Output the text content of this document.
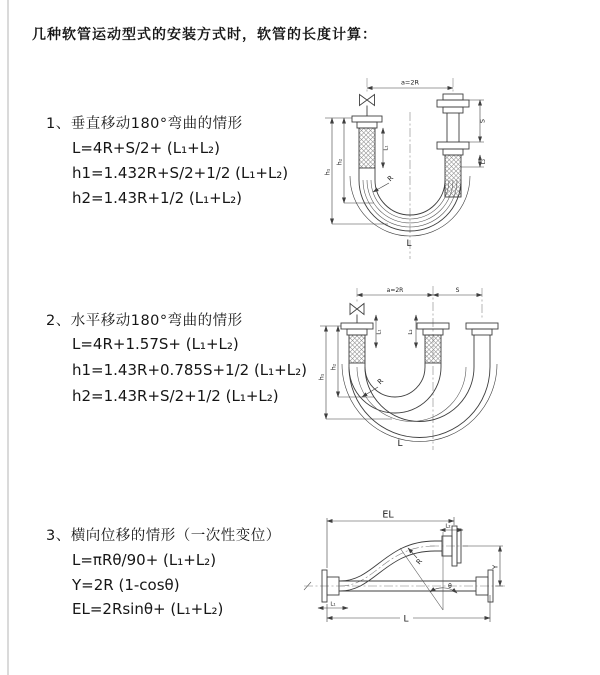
几种软管运动型式的安装方式时，软管的长度计算：
1、垂直移动180°弯曲的情形
L=4R+S/2+ (L₁+L₂)
h1=1.432R+S/2+1/2 (L₁+L₂)
h2=1.43R+1/2 (L₁+L₂)
2、水平移动180°弯曲的情形
L=4R+1.57S+ (L₁+L₂)
h1=1.43R+0.785S+1/2 (L₁+L₂)
h2=1.43R+S/2+1/2 (L₁+L₂)
3、横向位移的情形（一次性变位）
L=πRθ/90+ (L₁+L₂)
Y=2R (1-cosθ)
EL=2Rsinθ+ (L₁+L₂)
a=2R
h₁
h₂
L₁
S
L₂
R
L
a=2R	S
h₁
h₂
L₁	L₂
R
L
EL
L₂
Y
θ
R
L₁
L
